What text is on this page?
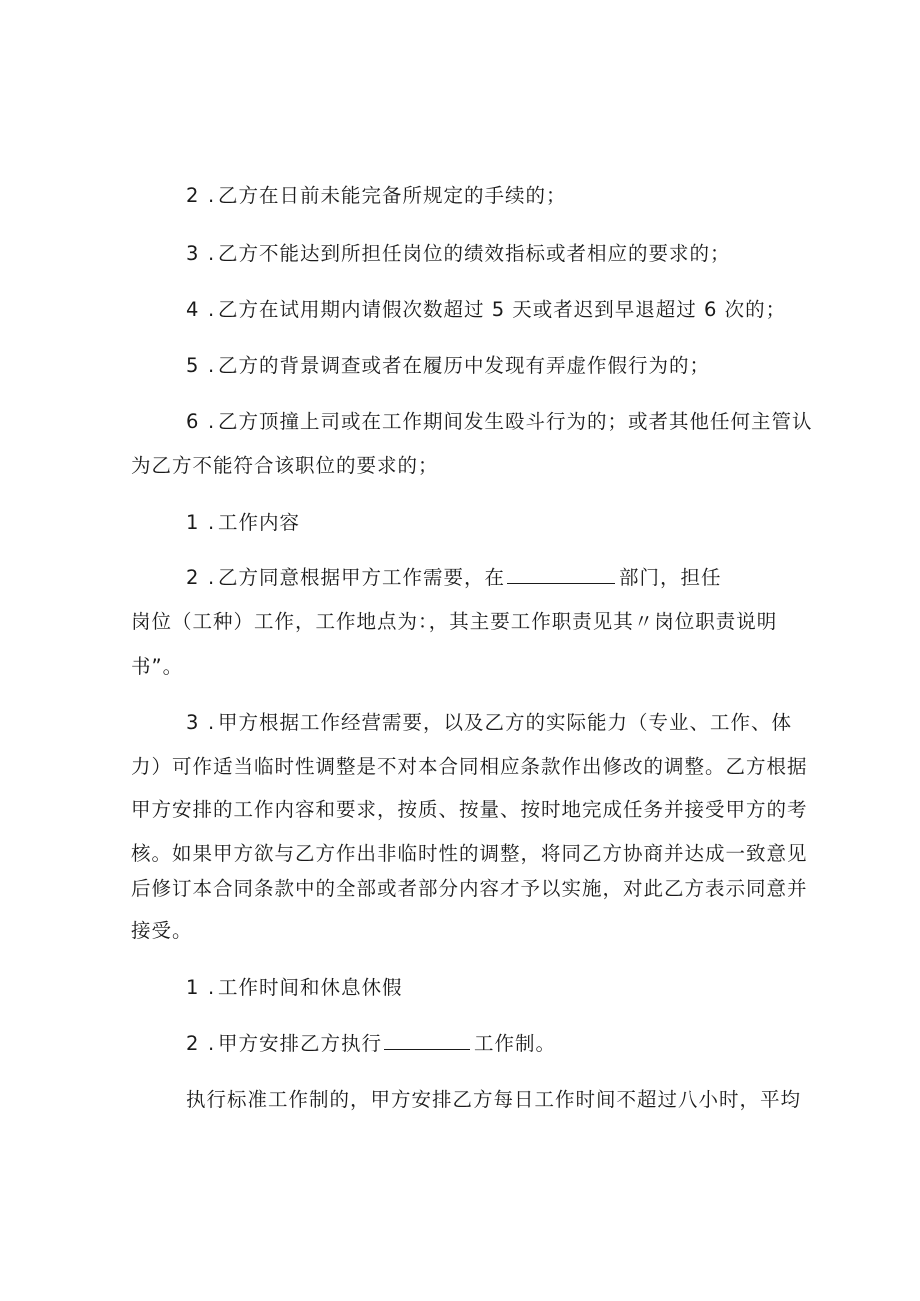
2 . 乙方在日前未能完备所规定的手续的；
3 . 乙方不能达到所担任岗位的绩效指标或者相应的要求的；
4 . 乙方在试用期内请假次数超过 5 天或者迟到早退超过 6 次的；
5 . 乙方的背景调查或者在履历中发现有弄虚作假行为的；
6 . 乙方顶撞上司或在工作期间发生殴斗行为的；或者其他任何主管认
为乙方不能符合该职位的要求的；
1 . 工作内容
2 . 乙方同意根据甲方工作需要，在	部门，担任
岗位（工种）工作，工作地点为：，其主要工作职责见其〃岗位职责说明
书”。
3 . 甲方根据工作经营需要，以及乙方的实际能力（专业、工作、体
力）可作适当临时性调整是不对本合同相应条款作出修改的调整。乙方根据
甲方安排的工作内容和要求，按质、按量、按时地完成任务并接受甲方的考
核。如果甲方欲与乙方作出非临时性的调整，将同乙方协商并达成一致意见
后修订本合同条款中的全部或者部分内容才予以实施，对此乙方表示同意并
接受。
1 . 工作时间和休息休假
2 . 甲方安排乙方执行	工作制。
执行标准工作制的，甲方安排乙方每日工作时间不超过八小时，平均
